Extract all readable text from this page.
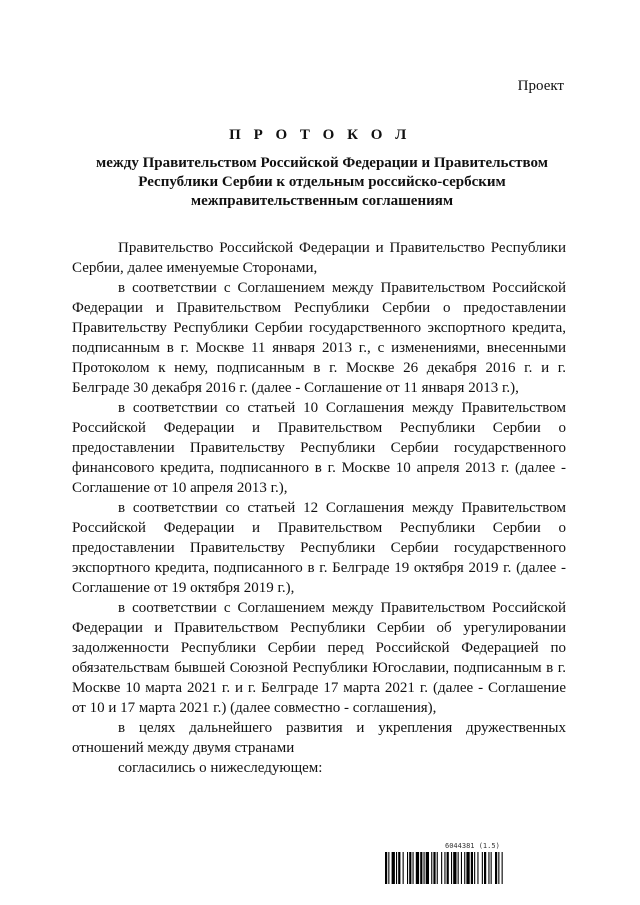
Проект
П Р О Т О К О Л
между Правительством Российской Федерации и Правительством
Республики Сербии к отдельным российско-сербским
межправительственным соглашениям

Правительство Российской Федерации и Правительство Республики Сербии, далее именуемые Сторонами,

в соответствии с Соглашением между Правительством Российской Федерации и Правительством Республики Сербии о предоставлении Правительству Республики Сербии государственного экспортного кредита, подписанным в г. Москве 11 января 2013 г., с изменениями, внесенными Протоколом к нему, подписанным в г. Москве 26 декабря 2016 г. и г. Белграде 30 декабря 2016 г. (далее - Соглашение от 11 января 2013 г.),

в соответствии со статьей 10 Соглашения между Правительством Российской Федерации и Правительством Республики Сербии о предоставлении Правительству Республики Сербии государственного финансового кредита, подписанного в г. Москве 10 апреля 2013 г. (далее - Соглашение от 10 апреля 2013 г.),

в соответствии со статьей 12 Соглашения между Правительством Российской Федерации и Правительством Республики Сербии о предоставлении Правительству Республики Сербии государственного экспортного кредита, подписанного в г. Белграде 19 октября 2019 г. (далее - Соглашение от 19 октября 2019 г.),

в соответствии с Соглашением между Правительством Российской Федерации и Правительством Республики Сербии об урегулировании задолженности Республики Сербии перед Российской Федерацией по обязательствам бывшей Союзной Республики Югославии, подписанным в г. Москве 10 марта 2021 г. и г. Белграде 17 марта 2021 г. (далее - Соглашение от 10 и 17 марта 2021 г.) (далее совместно - соглашения),

в целях дальнейшего развития и укрепления дружественных отношений между двумя странами

согласились о нижеследующем:

6044381 (1.5)
